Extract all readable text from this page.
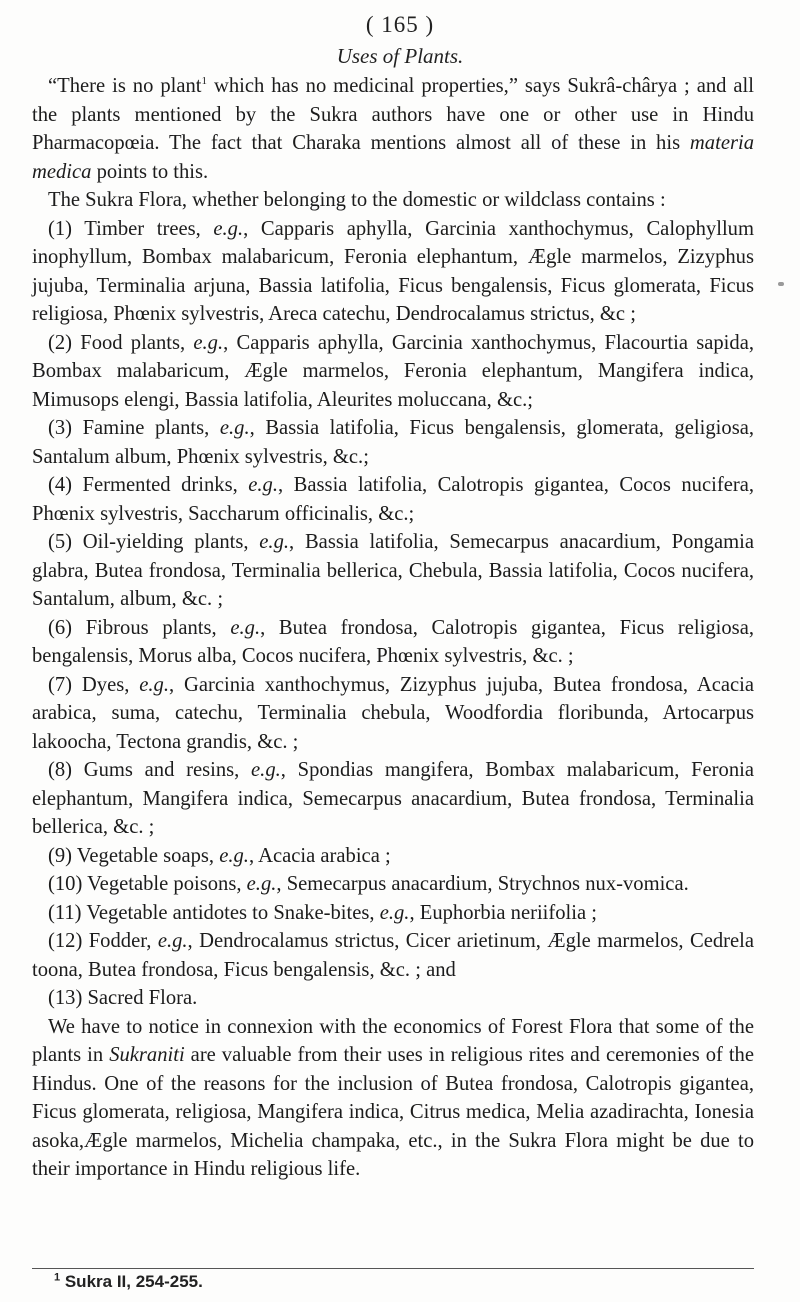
( 165 )
Uses of Plants.

“There is no plant$^1$ which has no medicinal properties,” says Sukrâ-chârya ; and all the plants mentioned by the Sukra authors have one or other use in Hindu Pharmacopœia. The fact that Charaka mentions almost all of these in his materia medica points to this.

The Sukra Flora, whether belonging to the domestic or wildclass contains :

(1) Timber trees, e.g., Capparis aphylla, Garcinia xanthochymus, Calophyllum inophyllum, Bombax malabaricum, Feronia elephantum, Ægle marmelos, Zizyphus jujuba, Terminalia arjuna, Bassia latifolia, Ficus bengalensis, Ficus glomerata, Ficus religiosa, Phœnix sylvestris, Areca catechu, Dendrocalamus strictus, &c ;

(2) Food plants, e.g., Capparis aphylla, Garcinia xanthochymus, Flacourtia sapida, Bombax malabaricum, Ægle marmelos, Feronia elephantum, Mangifera indica, Mimusops elengi, Bassia latifolia, Aleurites moluccana, &c.;

(3) Famine plants, e.g., Bassia latifolia, Ficus bengalensis, glomerata, geligiosa, Santalum album, Phœnix sylvestris, &c.;

(4) Fermented drinks, e.g., Bassia latifolia, Calotropis gigantea, Cocos nucifera, Phœnix sylvestris, Saccharum officinalis, &c.;

(5) Oil-yielding plants, e.g., Bassia latifolia, Semecarpus anacardium, Pongamia glabra, Butea frondosa, Terminalia bellerica, Chebula, Bassia latifolia, Cocos nucifera, Santalum, album, &c. ;

(6) Fibrous plants, e.g., Butea frondosa, Calotropis gigantea, Ficus religiosa, bengalensis, Morus alba, Cocos nucifera, Phœnix sylvestris, &c. ;

(7) Dyes, e.g., Garcinia xanthochymus, Zizyphus jujuba, Butea frondosa, Acacia arabica, suma, catechu, Terminalia chebula, Woodfordia floribunda, Artocarpus lakoocha, Tectona grandis, &c. ;

(8) Gums and resins, e.g., Spondias mangifera, Bombax malabaricum, Feronia elephantum, Mangifera indica, Semecarpus anacardium, Butea frondosa, Terminalia bellerica, &c. ;

(9) Vegetable soaps, e.g., Acacia arabica ;

(10) Vegetable poisons, e.g., Semecarpus anacardium, Strychnos nux-vomica.

(11) Vegetable antidotes to Snake-bites, e.g., Euphorbia neriifolia ;

(12) Fodder, e.g., Dendrocalamus strictus, Cicer arietinum, Ægle marmelos, Cedrela toona, Butea frondosa, Ficus bengalensis, &c. ; and

(13) Sacred Flora.

We have to notice in connexion with the economics of Forest Flora that some of the plants in Sukraniti are valuable from their uses in religious rites and ceremonies of the Hindus. One of the reasons for the inclusion of Butea frondosa, Calotropis gigantea, Ficus glomerata, religiosa, Mangifera indica, Citrus medica, Melia azadirachta, Ionesia asoka,Ægle marmelos, Michelia champaka, etc., in the Sukra Flora might be due to their importance in Hindu religious life.

$^1$ Sukra II, 254-255.
